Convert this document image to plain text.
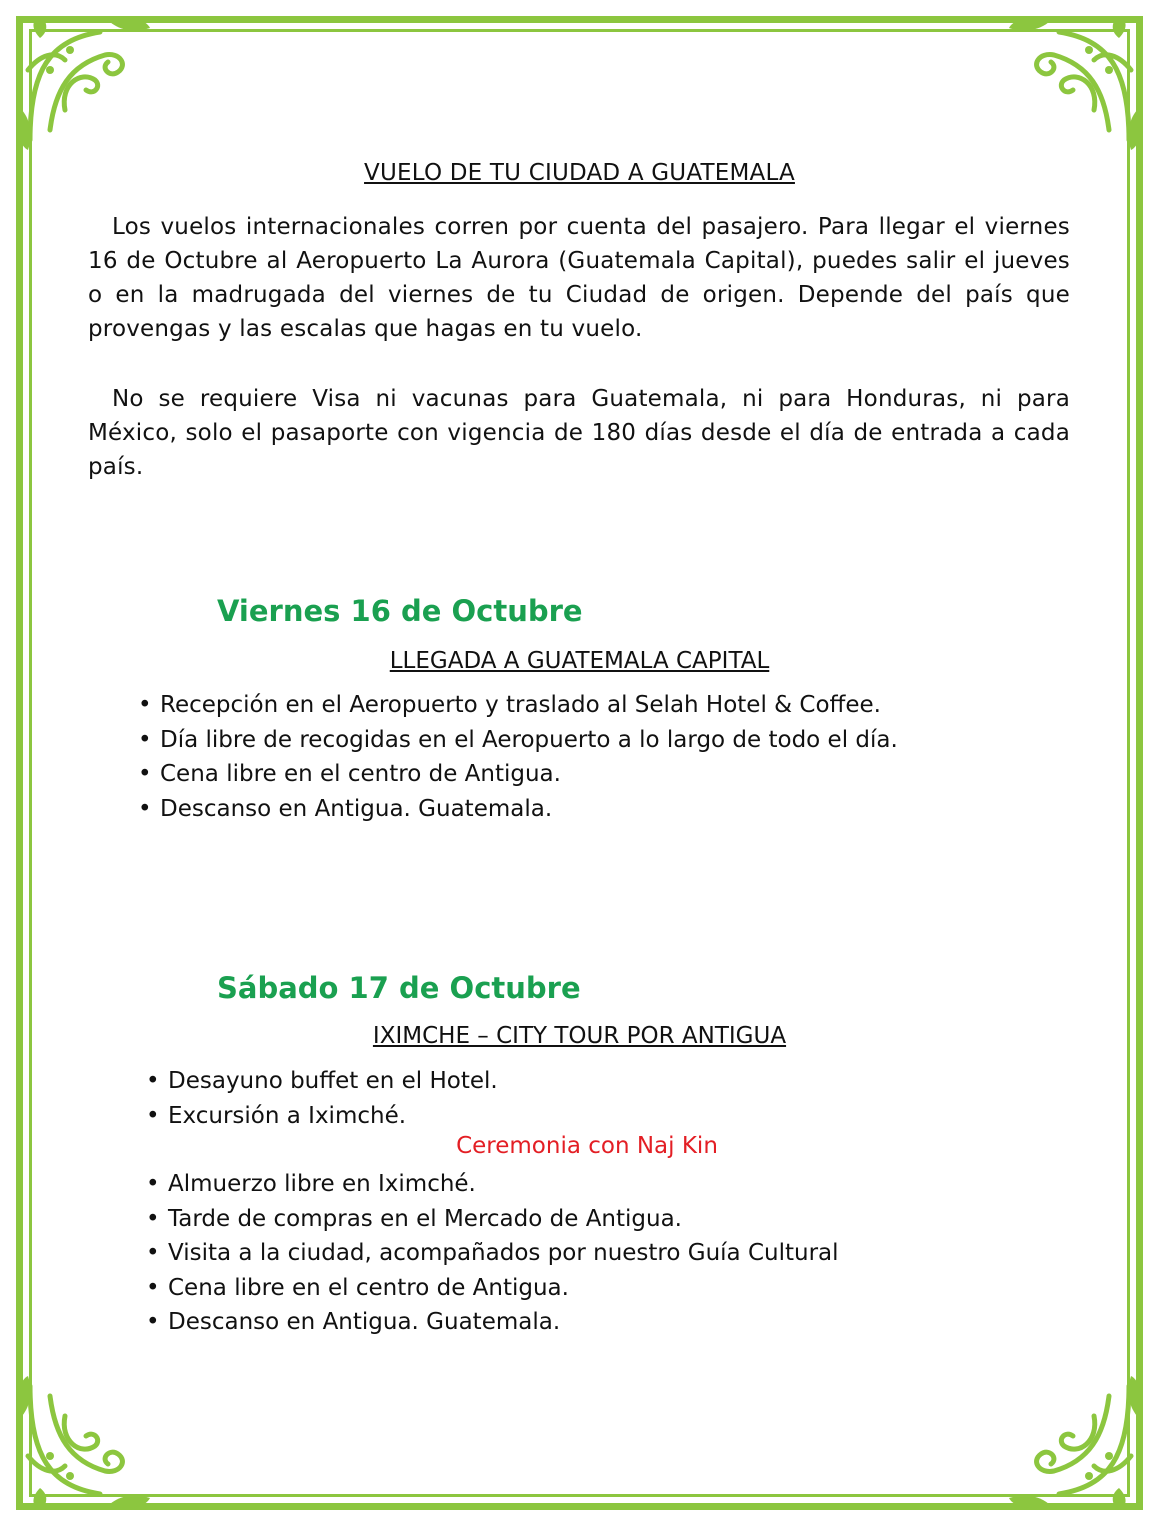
VUELO DE TU CIUDAD A GUATEMALA

Los vuelos internacionales corren por cuenta del pasajero. Para llegar el viernes 16 de Octubre al Aeropuerto La Aurora (Guatemala Capital), puedes salir el jueves o en la madrugada del viernes de tu Ciudad de origen. Depende del país que provengas y las escalas que hagas en tu vuelo.

No se requiere Visa ni vacunas para Guatemala, ni para Honduras, ni para México, solo el pasaporte con vigencia de 180 días desde el día de entrada a cada país.

Viernes 16 de Octubre
LLEGADA A GUATEMALA CAPITAL
• Recepción en el Aeropuerto y traslado al Selah Hotel & Coffee.
• Día libre de recogidas en el Aeropuerto a lo largo de todo el día.
• Cena libre en el centro de Antigua.
• Descanso en Antigua. Guatemala.
Sábado 17 de Octubre
IXIMCHE – CITY TOUR POR ANTIGUA
• Desayuno buffet en el Hotel.
• Excursión a Iximché.
Ceremonia con Naj Kin
• Almuerzo libre en Iximché.
• Tarde de compras en el Mercado de Antigua.
• Visita a la ciudad, acompañados por nuestro Guía Cultural
• Cena libre en el centro de Antigua.
• Descanso en Antigua. Guatemala.
